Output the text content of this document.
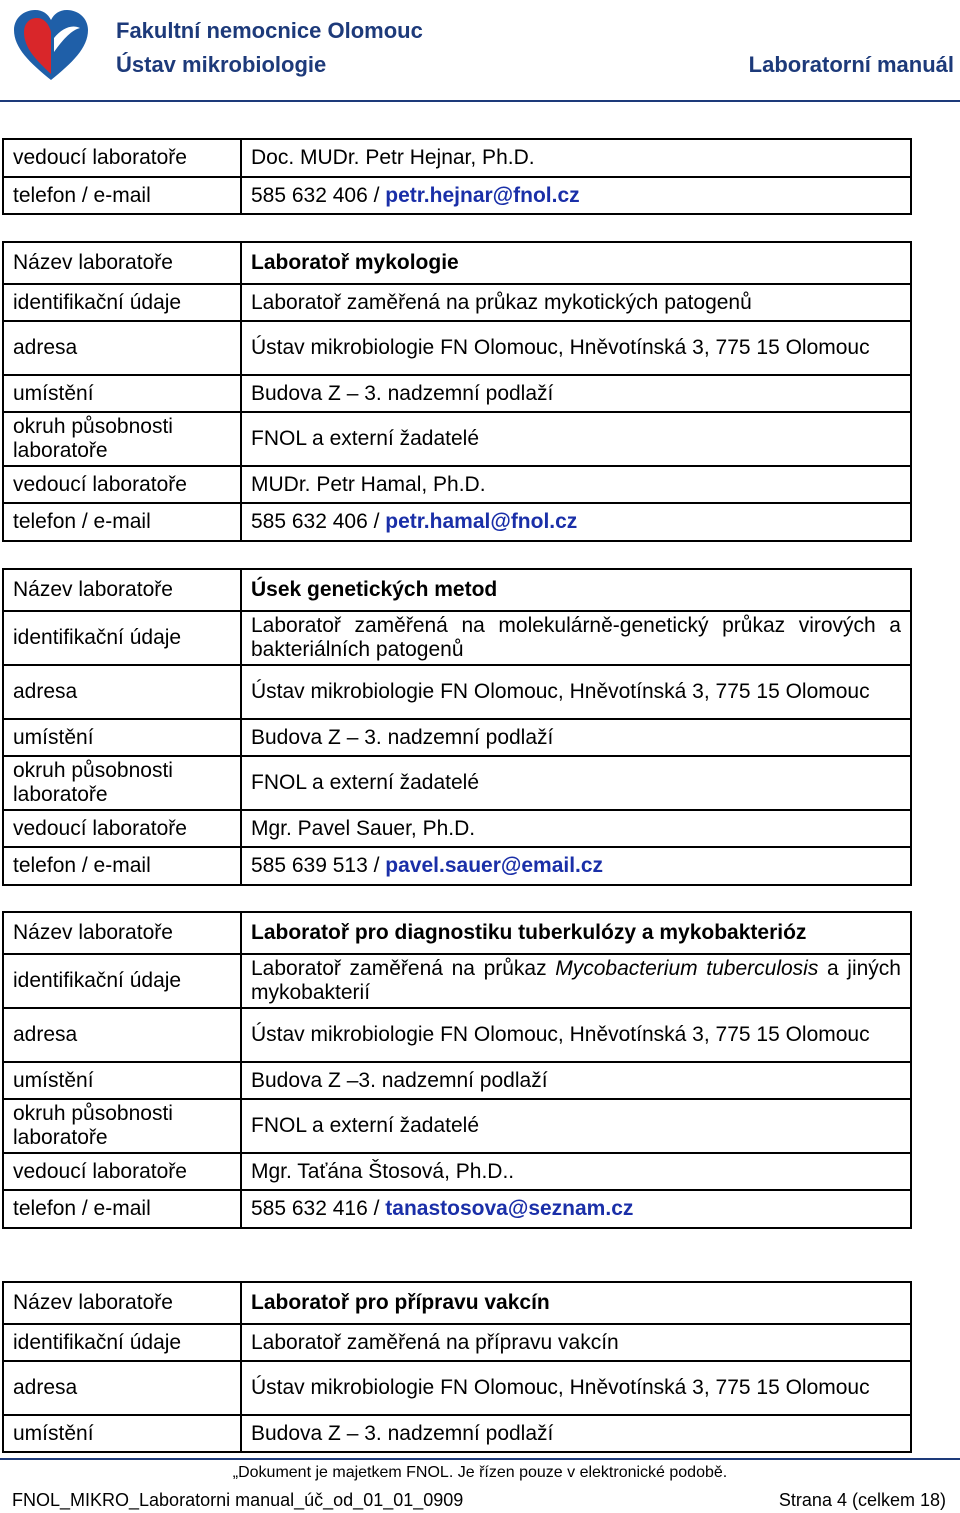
Fakultní nemocnice Olomouc
Ústav mikrobiologie	Laboratorní manuál
vedoucí laboratoře	Doc. MUDr. Petr Hejnar, Ph.D.
telefon / e-mail	585 632 406 / petr.hejnar@fnol.cz
Název laboratoře	Laboratoř mykologie
identifikační údaje	Laboratoř zaměřená na průkaz mykotických patogenů
adresa	Ústav mikrobiologie FN Olomouc, Hněvotínská 3, 775 15 Olomouc
umístění	Budova Z – 3. nadzemní podlaží
okruh působnosti laboratoře	FNOL a externí žadatelé
vedoucí laboratoře	MUDr. Petr Hamal, Ph.D.
telefon / e-mail	585 632 406 / petr.hamal@fnol.cz
Název laboratoře	Úsek genetických metod
identifikační údaje	Laboratoř zaměřená na molekulárně-genetický průkaz virových a bakteriálních patogenů
adresa	Ústav mikrobiologie FN Olomouc, Hněvotínská 3, 775 15 Olomouc
umístění	Budova Z – 3. nadzemní podlaží
okruh působnosti laboratoře	FNOL a externí žadatelé
vedoucí laboratoře	Mgr. Pavel Sauer, Ph.D.
telefon / e-mail	585 639 513 / pavel.sauer@email.cz
Název laboratoře	Laboratoř pro diagnostiku tuberkulózy a mykobakterióz
identifikační údaje	Laboratoř zaměřená na průkaz Mycobacterium tuberculosis a jiných mykobakterií
adresa	Ústav mikrobiologie FN Olomouc, Hněvotínská 3, 775 15 Olomouc
umístění	Budova Z –3. nadzemní podlaží
okruh působnosti laboratoře	FNOL a externí žadatelé
vedoucí laboratoře	Mgr. Taťána Štosová, Ph.D..
telefon / e-mail	585 632 416 / tanastosova@seznam.cz
Název laboratoře	Laboratoř pro přípravu vakcín
identifikační údaje	Laboratoř zaměřená na přípravu vakcín
adresa	Ústav mikrobiologie FN Olomouc, Hněvotínská 3, 775 15 Olomouc
umístění	Budova Z – 3. nadzemní podlaží
„Dokument je majetkem FNOL. Je řízen pouze v elektronické podobě.
FNOL_MIKRO_Laboratorni manual_úč_od_01_01_0909	Strana 4 (celkem 18)
